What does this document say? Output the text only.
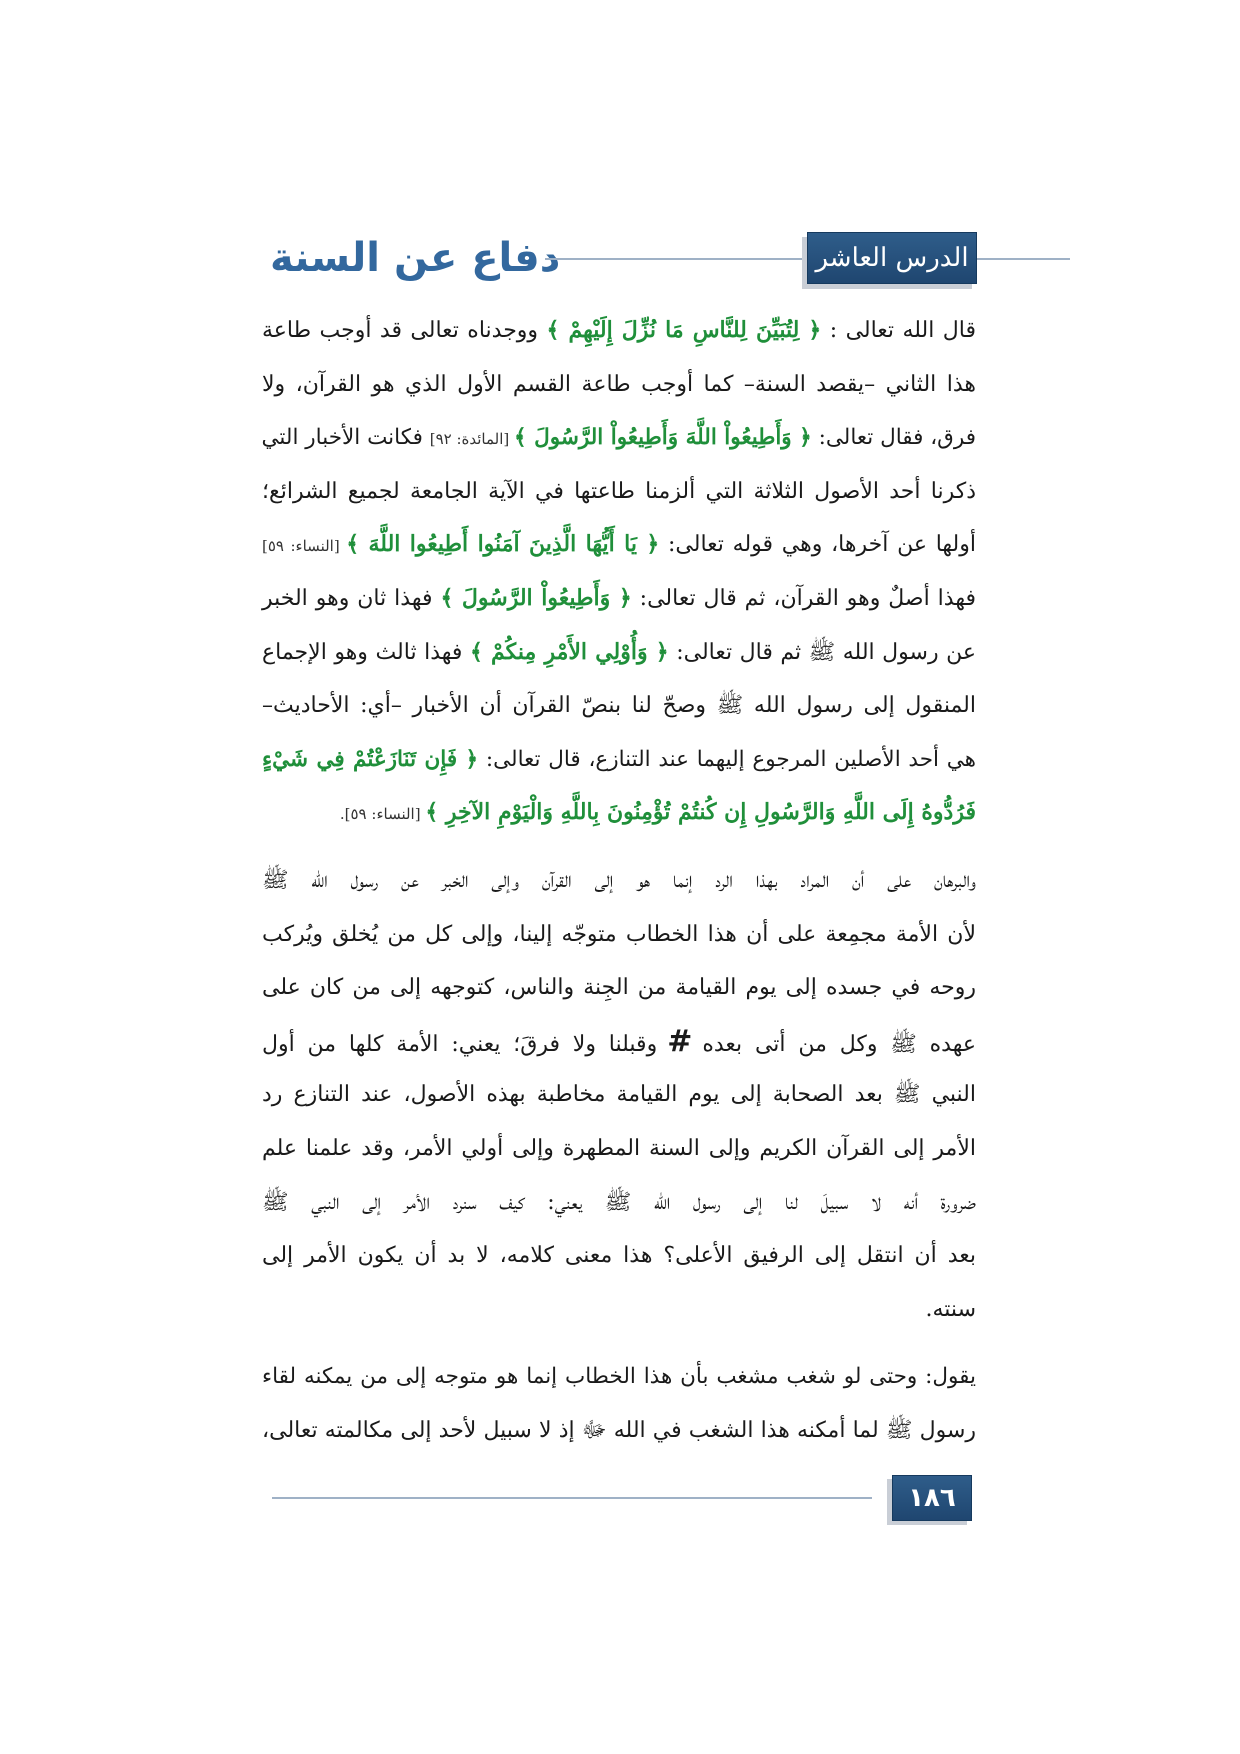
دفاع عن السنة	الدرس العاشر
قال الله تعالى : ﴿ لِتُبَيِّنَ لِلنَّاسِ مَا نُزِّلَ إِلَيْهِمْ ﴾ ووجدناه تعالى قد أوجب طاعة
هذا الثاني –يقصد السنة– كما أوجب طاعة القسم الأول الذي هو القرآن، ولا
فرق، فقال تعالى: ﴿ وَأَطِيعُواْ اللَّهَ وَأَطِيعُواْ الرَّسُولَ ﴾ [المائدة: ٩٢] فكانت الأخبار التي
ذكرنا أحد الأصول الثلاثة التي ألزمنا طاعتها في الآية الجامعة لجميع الشرائع؛
أولها عن آخرها، وهي قوله تعالى: ﴿ يَا أَيُّهَا الَّذِينَ آمَنُوا أَطِيعُوا اللَّهَ ﴾ [النساء: ٥٩]
فهذا أصلٌ وهو القرآن، ثم قال تعالى: ﴿ وَأَطِيعُواْ الرَّسُولَ ﴾ فهذا ثان وهو الخبر
عن رسول الله ﷺ ثم قال تعالى: ﴿ وَأُوْلِي الأَمْرِ مِنكُمْ ﴾ فهذا ثالث وهو الإجماع
المنقول إلى رسول الله ﷺ وصحّ لنا بنصّ القرآن أن الأخبار –أي: الأحاديث–
هي أحد الأصلين المرجوع إليهما عند التنازع، قال تعالى: ﴿ فَإِن تَنَازَعْتُمْ فِي شَيْءٍ
فَرُدُّوهُ إِلَى اللَّهِ وَالرَّسُولِ إِن كُنتُمْ تُؤْمِنُونَ بِاللَّهِ وَالْيَوْمِ الآخِرِ ﴾ [النساء: ٥٩].
والبرهان على أن المراد بهذا الرد إنما هو إلى القرآن وإلى الخبر عن رسول الله ﷺ
لأن الأمة مجمِعة على أن هذا الخطاب متوجّه إلينا، وإلى كل من يُخلق ويُركب
روحه في جسده إلى يوم القيامة من الجِنة والناس، كتوجهه إلى من كان على
عهده ﷺ وكل من أتى بعده#وقبلنا ولا فرقَ؛ يعني: الأمة كلها من أول
النبي ﷺ بعد الصحابة إلى يوم القيامة مخاطبة بهذه الأصول، عند التنازع رد
الأمر إلى القرآن الكريم وإلى السنة المطهرة وإلى أولي الأمر، وقد علمنا علم
ضرورة أنه لا سبيلَ لنا إلى رسول الله ﷺ يعني: كيف سنرد الأمر إلى النبي ﷺ
بعد أن انتقل إلى الرفيق الأعلى؟ هذا معنى كلامه، لا بد أن يكون الأمر إلى
سنته.
يقول: وحتى لو شغب مشغب بأن هذا الخطاب إنما هو متوجه إلى من يمكنه لقاء
رسول ﷺ لما أمكنه هذا الشغب في الله ﷻ إذ لا سبيل لأحد إلى مكالمته تعالى،
١٨٦
